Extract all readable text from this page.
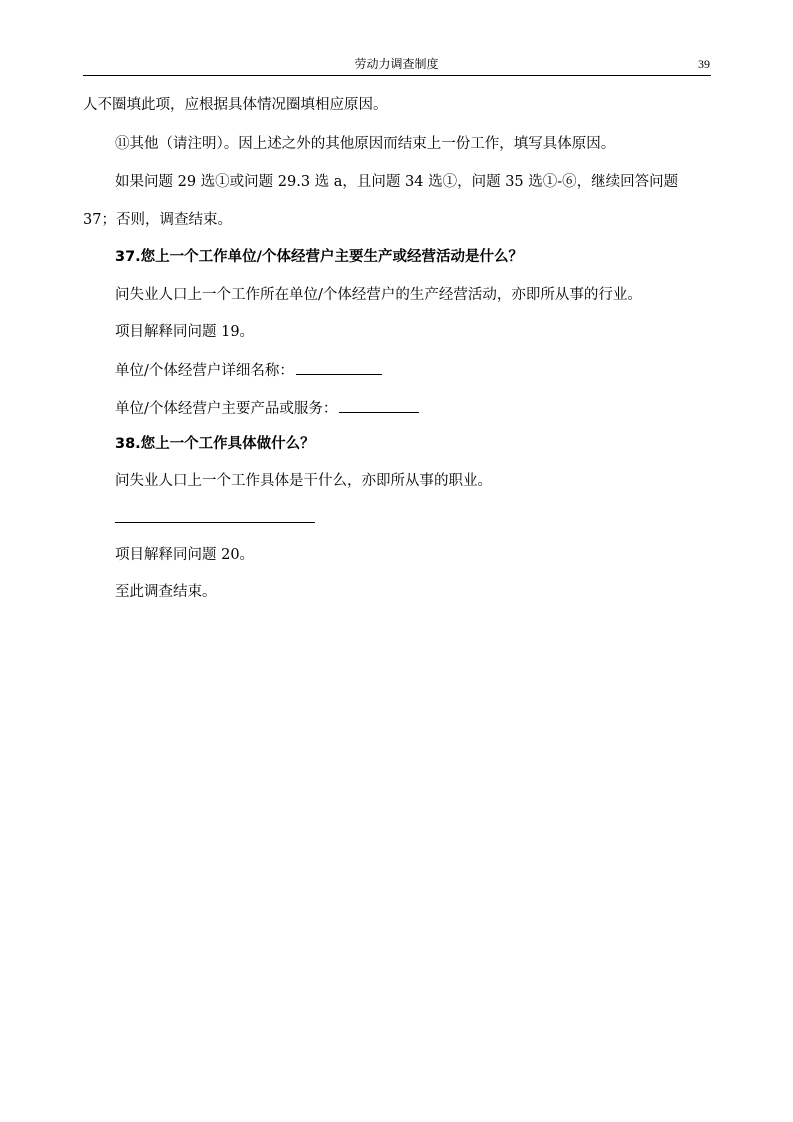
劳动力调查制度	39
人不圈填此项，应根据具体情况圈填相应原因。
⑪其他（请注明）。因上述之外的其他原因而结束上一份工作，填写具体原因。
如果问题 29 选①或问题 29.3 选 a，且问题 34 选①，问题 35 选①-⑥，继续回答问题
37；否则，调查结束。
37.您上一个工作单位/个体经营户主要生产或经营活动是什么？
问失业人口上一个工作所在单位/个体经营户的生产经营活动，亦即所从事的行业。
项目解释同问题 19。
单位/个体经营户详细名称：
单位/个体经营户主要产品或服务：
38.您上一个工作具体做什么？
问失业人口上一个工作具体是干什么，亦即所从事的职业。
项目解释同问题 20。
至此调查结束。
